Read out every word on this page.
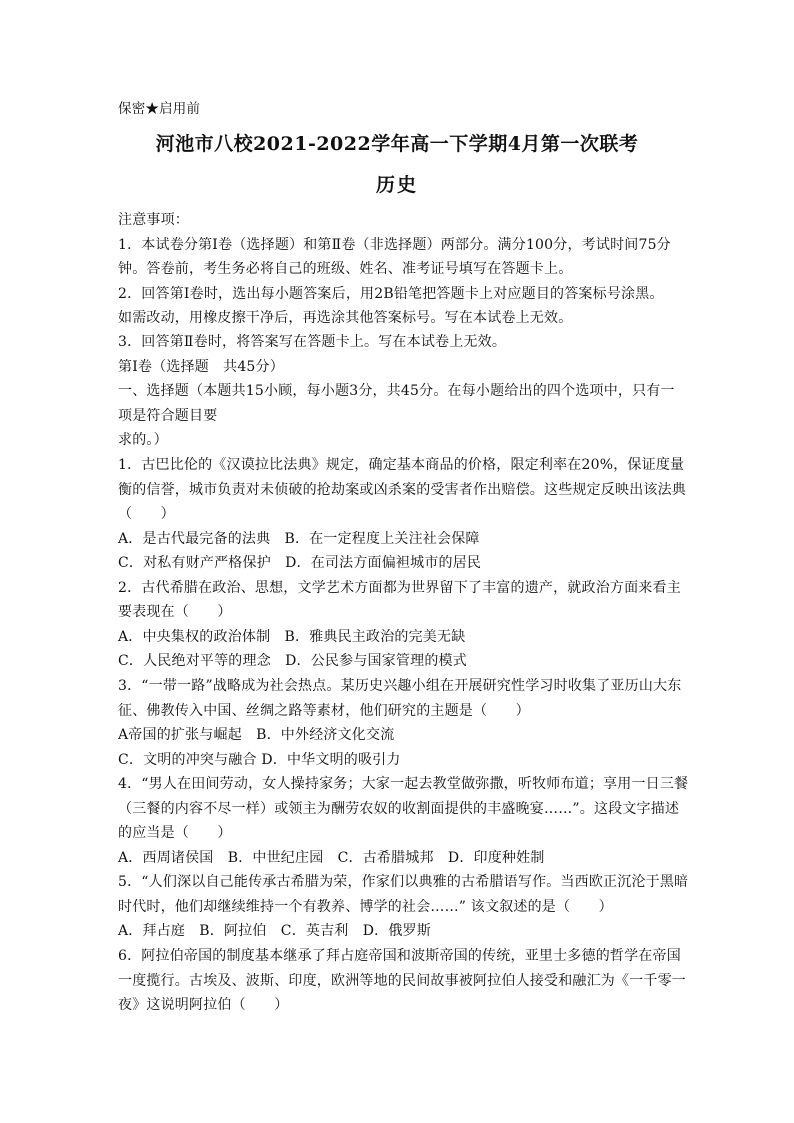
保密★启用前
河池市八校2021-2022学年高一下学期4月第一次联考
历史
注意事项：
1．本试卷分第Ⅰ卷（选择题）和第Ⅱ卷（非选择题）两部分。满分100分，考试时间75分
钟。答卷前，考生务必将自己的班级、姓名、准考证号填写在答题卡上。
2．回答第Ⅰ卷时，选出每小题答案后，用2B铅笔把答题卡上对应题目的答案标号涂黑。
如需改动，用橡皮擦干净后，再选涂其他答案标号。写在本试卷上无效。
3．回答第Ⅱ卷时，将答案写在答题卡上。写在本试卷上无效。
第Ⅰ卷（选择题　共45分）
一、选择题（本题共15小顾，每小题3分，共45分。在每小题给出的四个选项中，只有一
项是符合题目要
求的。）
1．古巴比伦的《汉谟拉比法典》规定，确定基本商品的价格，限定利率在20%，保证度量
衡的信誉，城市负责对未侦破的抢劫案或凶杀案的受害者作出赔偿。这些规定反映出该法典
（　　）
A．是古代最完备的法典　B．在一定程度上关注社会保障
C．对私有财产严格保护　D．在司法方面偏袒城市的居民
2．古代希腊在政治、思想，文学艺术方面都为世界留下了丰富的遗产，就政治方面来看主
要表现在（　　）
A．中央集权的政治体制　B．雅典民主政治的完美无缺
C．人民绝对平等的理念　D．公民参与国家管理的模式
3．“一带一路”战略成为社会热点。某历史兴趣小组在开展研究性学习时收集了亚历山大东
征、佛教传入中国、丝绸之路等素材，他们研究的主题是（　　）
A帝国的扩张与崛起　B．中外经济文化交流
C．文明的冲突与融合 D．中华文明的吸引力
4．“男人在田间劳动，女人操持家务；大家一起去教堂做弥撒，听牧师布道；享用一日三餐
（三餐的内容不尽一样）或领主为酬劳农奴的收割面提供的丰盛晚宴……”。这段文字描述
的应当是（　　）
A．西周诸侯国　B．中世纪庄园　C．古希腊城邦　D．印度种姓制
5．“人们深以自己能传承古希腊为荣，作家们以典雅的古希腊语写作。当西欧正沉沦于黑暗
时代时，他们却继续维持一个有教养、博学的社会……” 该文叙述的是（　　）
A．拜占庭　B．阿拉伯　C．英吉利　D．俄罗斯
6．阿拉伯帝国的制度基本继承了拜占庭帝国和波斯帝国的传统，亚里士多德的哲学在帝国
一度揽行。古埃及、波斯、印度，欧洲等地的民间故事被阿拉伯人接受和融汇为《一千零一
夜》这说明阿拉伯（　　）
